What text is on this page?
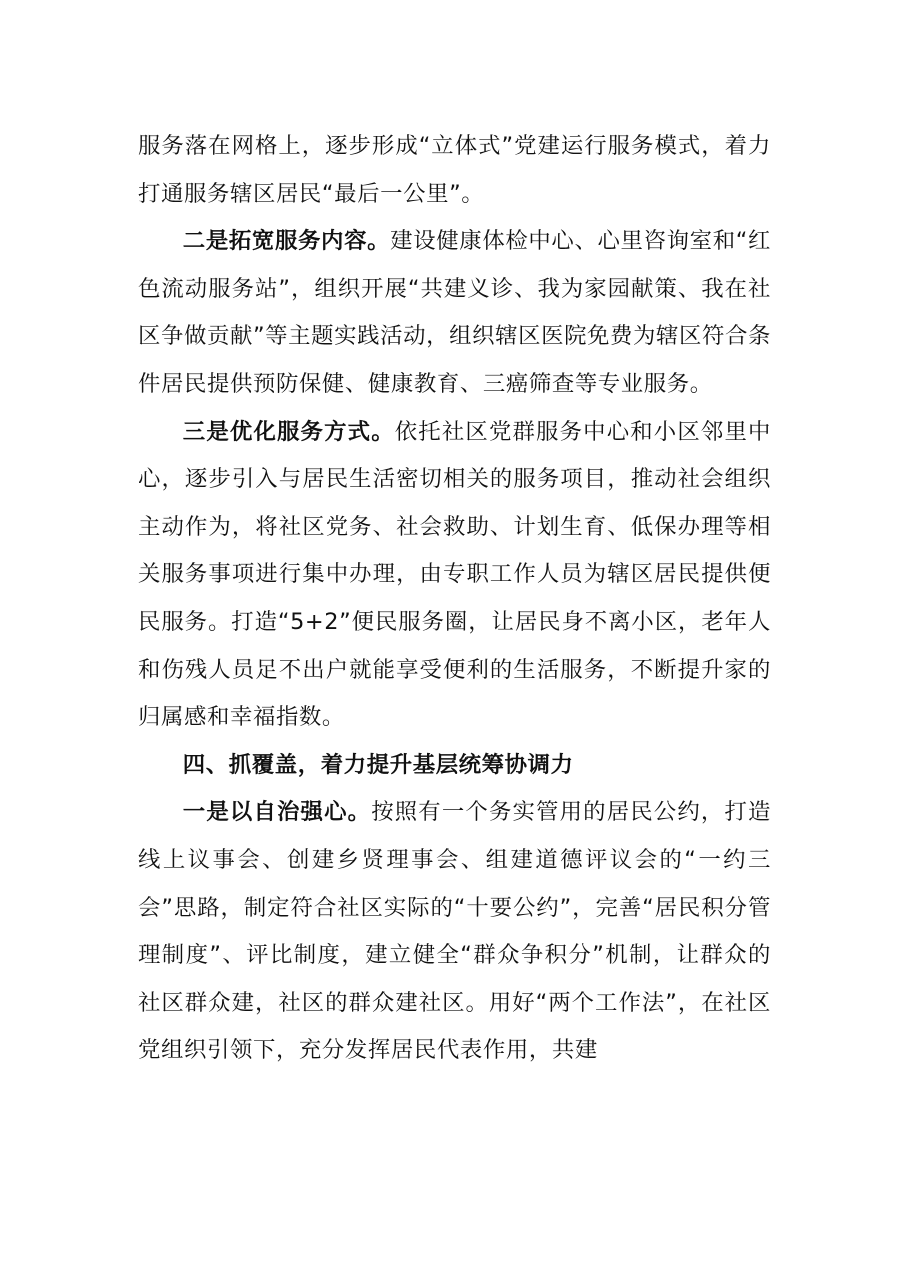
服务落在网格上，逐步形成“立体式”党建运行服务模式，着力打通服务辖区居民“最后一公里”。

二是拓宽服务内容。建设健康体检中心、心里咨询室和“红色流动服务站”，组织开展“共建义诊、我为家园献策、我在社区争做贡献”等主题实践活动，组织辖区医院免费为辖区符合条件居民提供预防保健、健康教育、三癌筛查等专业服务。

三是优化服务方式。依托社区党群服务中心和小区邻里中心，逐步引入与居民生活密切相关的服务项目，推动社会组织主动作为，将社区党务、社会救助、计划生育、低保办理等相关服务事项进行集中办理，由专职工作人员为辖区居民提供便民服务。打造“5+2”便民服务圈，让居民身不离小区，老年人和伤残人员足不出户就能享受便利的生活服务，不断提升家的归属感和幸福指数。

四、抓覆盖，着力提升基层统筹协调力

一是以自治强心。按照有一个务实管用的居民公约，打造线上议事会、创建乡贤理事会、组建道德评议会的“一约三会”思路，制定符合社区实际的“十要公约”，完善“居民积分管理制度”、评比制度，建立健全“群众争积分”机制，让群众的社区群众建，社区的群众建社区。用好“两个工作法”，在社区党组织引领下，充分发挥居民代表作用，共建
